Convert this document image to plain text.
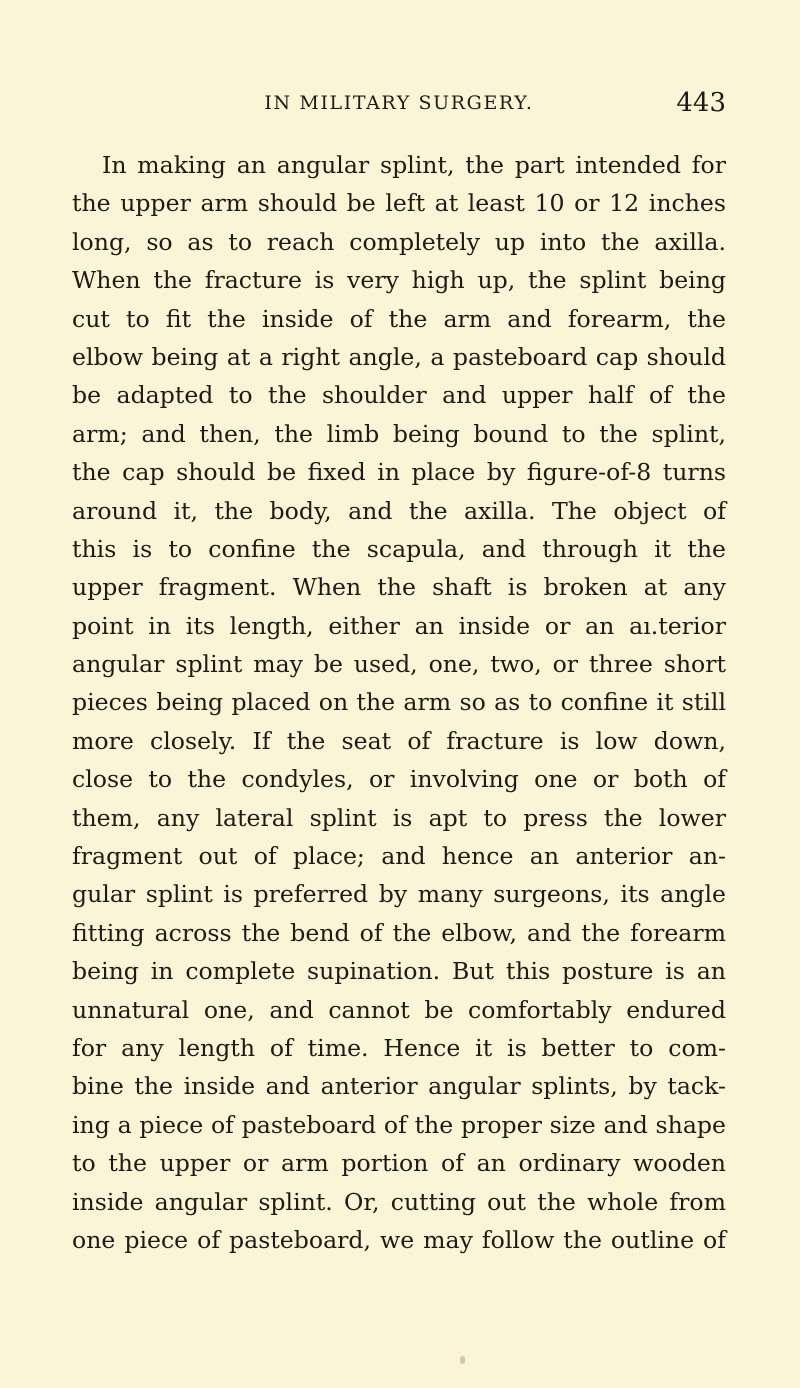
IN MILITARY SURGERY.	443
In making an angular splint, the part intended for
the upper arm should be left at least 10 or 12 inches
long, so as to reach completely up into the axilla.
When the fracture is very high up, the splint being
cut to fit the inside of the arm and forearm, the
elbow being at a right angle, a pasteboard cap should
be adapted to the shoulder and upper half of the
arm; and then, the limb being bound to the splint,
the cap should be fixed in place by figure-of-8 turns
around it, the body, and the axilla. The object of
this is to confine the scapula, and through it the
upper fragment. When the shaft is broken at any
point in its length, either an inside or an aı.terior
angular splint may be used, one, two, or three short
pieces being placed on the arm so as to confine it still
more closely. If the seat of fracture is low down,
close to the condyles, or involving one or both of
them, any lateral splint is apt to press the lower
fragment out of place; and hence an anterior an-
gular splint is preferred by many surgeons, its angle
fitting across the bend of the elbow, and the forearm
being in complete supination. But this posture is an
unnatural one, and cannot be comfortably endured
for any length of time. Hence it is better to com-
bine the inside and anterior angular splints, by tack-
ing a piece of pasteboard of the proper size and shape
to the upper or arm portion of an ordinary wooden
inside angular splint. Or, cutting out the whole from
one piece of pasteboard, we may follow the outline of
